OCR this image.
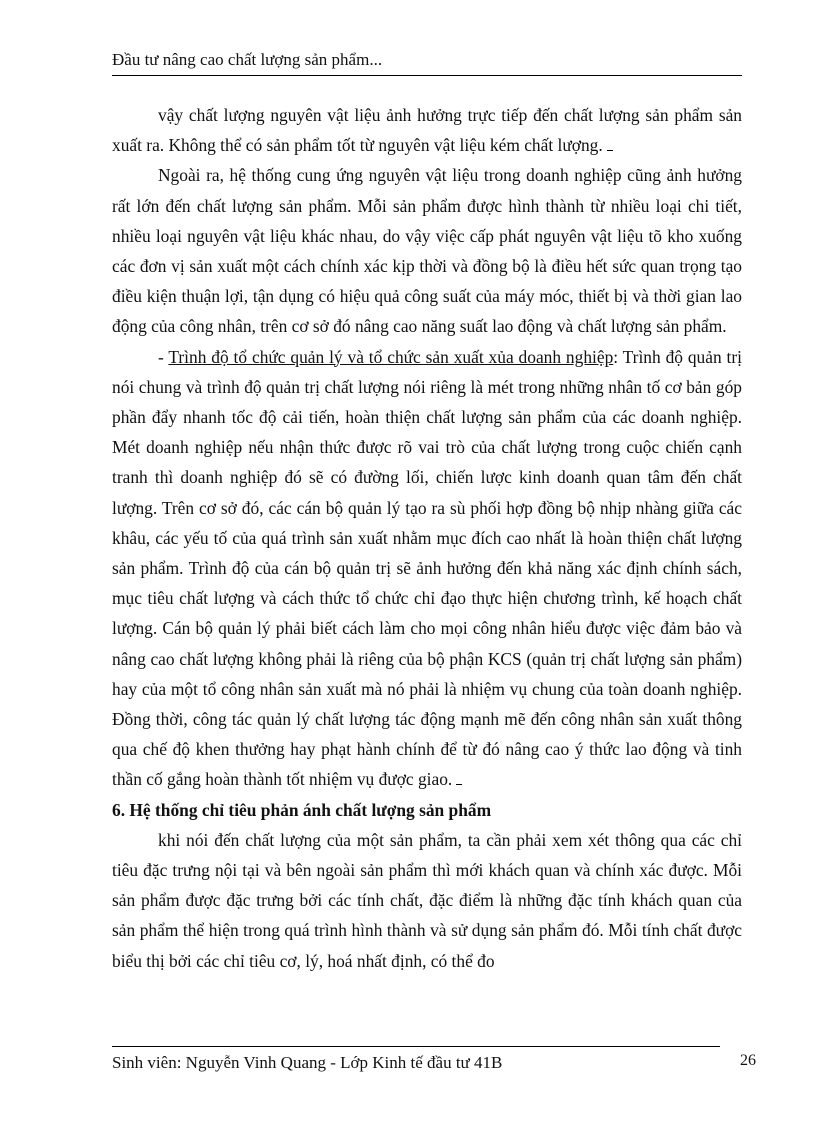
Đầu tư nâng cao chất lượng sản phẩm...

vậy chất lượng nguyên vật liệu ảnh hưởng trực tiếp đến chất lượng sản phẩm sản xuất ra. Không thể có sản phẩm tốt từ nguyên vật liệu kém chất lượng.

Ngoài ra, hệ thống cung ứng nguyên vật liệu trong doanh nghiệp cũng ảnh hưởng rất lớn đến chất lượng sản phẩm. Mỗi sản phẩm được hình thành từ nhiều loại chi tiết, nhiều loại nguyên vật liệu khác nhau, do vậy việc cấp phát nguyên vật liệu tõ kho xuống các đơn vị sản xuất một cách chính xác kịp thời và đồng bộ là điều hết sức quan trọng tạo điều kiện thuận lợi, tận dụng có hiệu quả công suất của máy móc, thiết bị và thời gian lao động của công nhân, trên cơ sở đó nâng cao năng suất lao động và chất lượng sản phẩm.

- Trình độ tổ chức quản lý và tổ chức sản xuất xủa doanh nghiệp: Trình độ quản trị nói chung và trình độ quản trị chất lượng nói riêng là mét trong những nhân tố cơ bản góp phần đẩy nhanh tốc độ cải tiến, hoàn thiện chất lượng sản phẩm của các doanh nghiệp. Mét doanh nghiệp nếu nhận thức được rõ vai trò của chất lượng trong cuộc chiến cạnh tranh thì doanh nghiệp đó sẽ có đường lối, chiến lược kinh doanh quan tâm đến chất lượng. Trên cơ sở đó, các cán bộ quản lý tạo ra sù phối hợp đồng bộ nhịp nhàng giữa các khâu, các yếu tố của quá trình sản xuất nhằm mục đích cao nhất là hoàn thiện chất lượng sản phẩm. Trình độ của cán bộ quản trị sẽ ảnh hưởng đến khả năng xác định chính sách, mục tiêu chất lượng và cách thức tổ chức chỉ đạo thực hiện chương trình, kế hoạch chất lượng. Cán bộ quản lý phải biết cách làm cho mọi công nhân hiểu được việc đảm bảo và nâng cao chất lượng không phải là riêng của bộ phận KCS (quản trị chất lượng sản phẩm) hay của một tổ công nhân sản xuất mà nó phải là nhiệm vụ chung của toàn doanh nghiệp. Đồng thời, công tác quản lý chất lượng tác động mạnh mẽ đến công nhân sản xuất thông qua chế độ khen thưởng hay phạt hành chính để từ đó nâng cao ý thức lao động và tinh thần cố gắng hoàn thành tốt nhiệm vụ được giao.

6. Hệ thống chỉ tiêu phản ánh chất lượng sản phẩm

khi nói đến chất lượng của một sản phẩm, ta cần phải xem xét thông qua các chỉ tiêu đặc trưng nội tại và bên ngoài sản phẩm thì mới khách quan và chính xác được. Mỗi sản phẩm được đặc trưng bởi các tính chất, đặc điểm là những đặc tính khách quan của sản phẩm thể hiện trong quá trình hình thành và sử dụng sản phẩm đó. Mỗi tính chất được biểu thị bởi các chỉ tiêu cơ, lý, hoá nhất định, có thể đo

Sinh viên: Nguyễn Vinh Quang - Lớp Kinh tế đầu tư 41B	26
